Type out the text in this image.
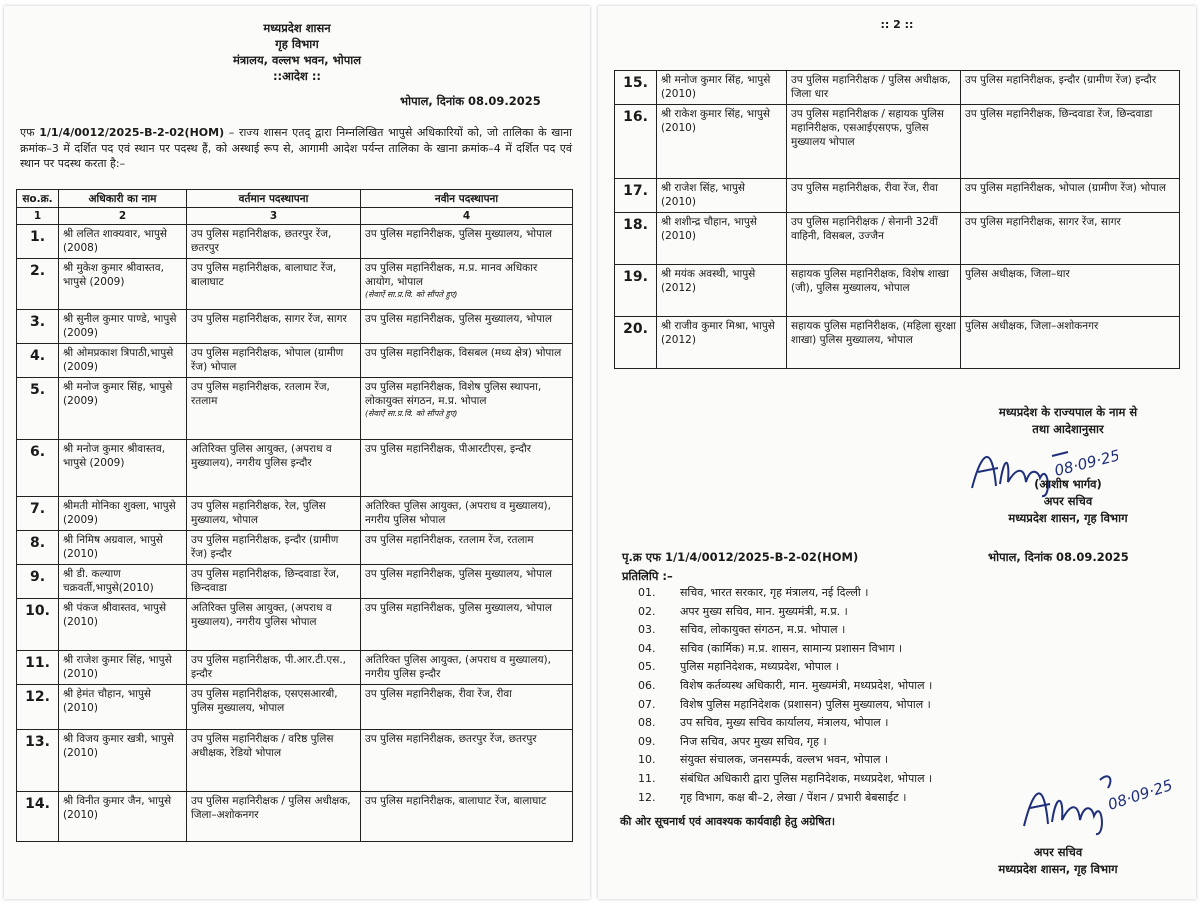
मध्यप्रदेश शासन
गृह विभाग
मंत्रालय, वल्लभ भवन, भोपाल
::आदेश ::
भोपाल, दिनांक 08.09.2025
एफ 1/1/4/0012/2025-B-2-02(HOM) – राज्य शासन एतद् द्वारा निम्नलिखित भापुसे अधिकारियों को, जो तालिका के खाना क्रमांक–3 में दर्शित पद एवं स्थान पर पदस्थ हैं, को अस्थाई रूप से, आगामी आदेश पर्यन्त तालिका के खाना क्रमांक–4 में दर्शित पद एवं स्थान पर पदस्थ करता है:–
सo.क्र.	अधिकारी का नाम	वर्तमान पदस्थापना	नवीन पदस्थापना
1	2	3	4
1.	श्री ललित शाक्यवार, भापुसे (2008)	उप पुलिस महानिरीक्षक, छतरपुर रेंज, छतरपुर	उप पुलिस महानिरीक्षक, पुलिस मुख्यालय, भोपाल
2.	श्री मुकेश कुमार श्रीवास्तव, भापुसे (2009)	उप पुलिस महानिरीक्षक, बालाघाट रेंज, बालाघाट	उप पुलिस महानिरीक्षक, म.प्र. मानव अधिकार आयोग, भोपाल
(सेवाऐं सा.प्र.वि. को सौंपते हुए)

3.	श्री सुनील कुमार पाण्डे, भापुसे (2009)	उप पुलिस महानिरीक्षक, सागर रेंज, सागर	उप पुलिस महानिरीक्षक, पुलिस मुख्यालय, भोपाल
4.	श्री ओमप्रकाश त्रिपाठी,भापुसे (2009)	उप पुलिस महानिरीक्षक, भोपाल (ग्रामीण रेंज) भोपाल	उप पुलिस महानिरीक्षक, विसबल (मध्य क्षेत्र) भोपाल
5.	श्री मनोज कुमार सिंह, भापुसे (2009)	उप पुलिस महानिरीक्षक, रतलाम रेंज, रतलाम	उप पुलिस महानिरीक्षक, विशेष पुलिस स्थापना, लोकायुक्त संगठन, म.प्र. भोपाल
(सेवाऐं सा.प्र.वि. को सौंपते हुए)

6.	श्री मनोज कुमार श्रीवास्तव, भापुसे (2009)	अतिरिक्त पुलिस आयुक्त, (अपराध व मुख्यालय), नगरीय पुलिस इन्दौर	उप पुलिस महानिरीक्षक, पीआरटीएस, इन्दौर
7.	श्रीमती मोनिका शुक्ला, भापुसे (2009)	उप पुलिस महानिरीक्षक, रेल, पुलिस मुख्यालय, भोपाल	अतिरिक्त पुलिस आयुक्त, (अपराध व मुख्यालय), नगरीय पुलिस भोपाल
8.	श्री निमिष अग्रवाल, भापुसे (2010)	उप पुलिस महानिरीक्षक, इन्दौर (ग्रामीण रेंज) इन्दौर	उप पुलिस महानिरीक्षक, रतलाम रेंज, रतलाम
9.	श्री डी. कल्याण चक्रवर्ती,भापुसे(2010)	उप पुलिस महानिरीक्षक, छिन्दवाडा रेंज, छिन्दवाडा	उप पुलिस महानिरीक्षक, पुलिस मुख्यालय, भोपाल
10.	श्री पंकज श्रीवास्तव, भापुसे (2010)	अतिरिक्त पुलिस आयुक्त, (अपराध व मुख्यालय), नगरीय पुलिस भोपाल	उप पुलिस महानिरीक्षक, पुलिस मुख्यालय, भोपाल
11.	श्री राजेश कुमार सिंह, भापुसे (2010)	उप पुलिस महानिरीक्षक, पी.आर.टी.एस., इन्दौर	अतिरिक्त पुलिस आयुक्त, (अपराध व मुख्यालय), नगरीय पुलिस इन्दौर
12.	श्री हेमंत चौहान, भापुसे (2010)	उप पुलिस महानिरीक्षक, एसएसआरबी, पुलिस मुख्यालय, भोपाल	उप पुलिस महानिरीक्षक, रीवा रेंज, रीवा
13.	श्री विजय कुमार खत्री, भापुसे (2010)	उप पुलिस महानिरीक्षक / वरिष्ठ पुलिस अधीक्षक, रेडियो भोपाल	उप पुलिस महानिरीक्षक, छतरपुर रेंज, छतरपुर
14.	श्री विनीत कुमार जैन, भापुसे (2010)	उप पुलिस महानिरीक्षक / पुलिस अधीक्षक, जिला–अशोकनगर	उप पुलिस महानिरीक्षक, बालाघाट रेंज, बालाघाट
:: 2 ::
15.	श्री मनोज कुमार सिंह, भापुसे (2010)	उप पुलिस महानिरीक्षक / पुलिस अधीक्षक, जिला धार	उप पुलिस महानिरीक्षक, इन्दौर (ग्रामीण रेंज) इन्दौर
16.	श्री राकेश कुमार सिंह, भापुसे (2010)	उप पुलिस महानिरीक्षक / सहायक पुलिस महानिरीक्षक, एसआईएसएफ, पुलिस मुख्यालय भोपाल	उप पुलिस महानिरीक्षक, छिन्दवाडा रेंज, छिन्दवाडा
17.	श्री राजेश सिंह, भापुसे (2010)	उप पुलिस महानिरीक्षक, रीवा रेंज, रीवा	उप पुलिस महानिरीक्षक, भोपाल (ग्रामीण रेंज) भोपाल
18.	श्री शशीन्द्र चौहान, भापुसे (2010)	उप पुलिस महानिरीक्षक / सेनानी 32वीं वाहिनी, विसबल, उज्जैन	उप पुलिस महानिरीक्षक, सागर रेंज, सागर
19.	श्री मयंक अवस्थी, भापुसे (2012)	सहायक पुलिस महानिरीक्षक, विशेष शाखा (जी), पुलिस मुख्यालय, भोपाल	पुलिस अधीक्षक, जिला–धार
20.	श्री राजीव कुमार मिश्रा, भापुसे (2012)	सहायक पुलिस महानिरीक्षक, (महिला सुरक्षा शाखा) पुलिस मुख्यालय, भोपाल	पुलिस अधीक्षक, जिला–अशोकनगर
मध्यप्रदेश के राज्यपाल के नाम से
तथा आदेशानुसार
08·09·25
(आशीष भार्गव)
अपर सचिव
मध्यप्रदेश शासन, गृह विभाग
पृ.क्र एफ 1/1/4/0012/2025-B-2-02(HOM)	भोपाल, दिनांक 08.09.2025
प्रतिलिपि :–
01.	सचिव, भारत सरकार, गृह मंत्रालय, नई दिल्ली ।
02.	अपर मुख्य सचिव, मान. मुख्यमंत्री, म.प्र. ।
03.	सचिव, लोकायुक्त संगठन, म.प्र. भोपाल ।
04.	सचिव (कार्मिक) म.प्र. शासन, सामान्य प्रशासन विभाग ।
05.	पुलिस महानिदेशक, मध्यप्रदेश, भोपाल ।
06.	विशेष कर्तव्यस्थ अधिकारी, मान. मुख्यमंत्री, मध्यप्रदेश, भोपाल ।
07.	विशेष पुलिस महानिदेशक (प्रशासन) पुलिस मुख्यालय, भोपाल ।
08.	उप सचिव, मुख्य सचिव कार्यालय, मंत्रालय, भोपाल ।
09.	निज सचिव, अपर मुख्य सचिव, गृह ।
10.	संयुक्त संचालक, जनसम्पर्क, वल्लभ भवन, भोपाल ।
11.	संबंधित अधिकारी द्वारा पुलिस महानिदेशक, मध्यप्रदेश, भोपाल ।
12.	गृह विभाग, कक्ष बी–2, लेखा / पेंशन / प्रभारी बेबसाईट ।
की ओर सूचनार्थ एवं आवश्यक कार्यवाही हेतु अग्रेषित।
08·09·25
अपर सचिव
मध्यप्रदेश शासन, गृह विभाग
